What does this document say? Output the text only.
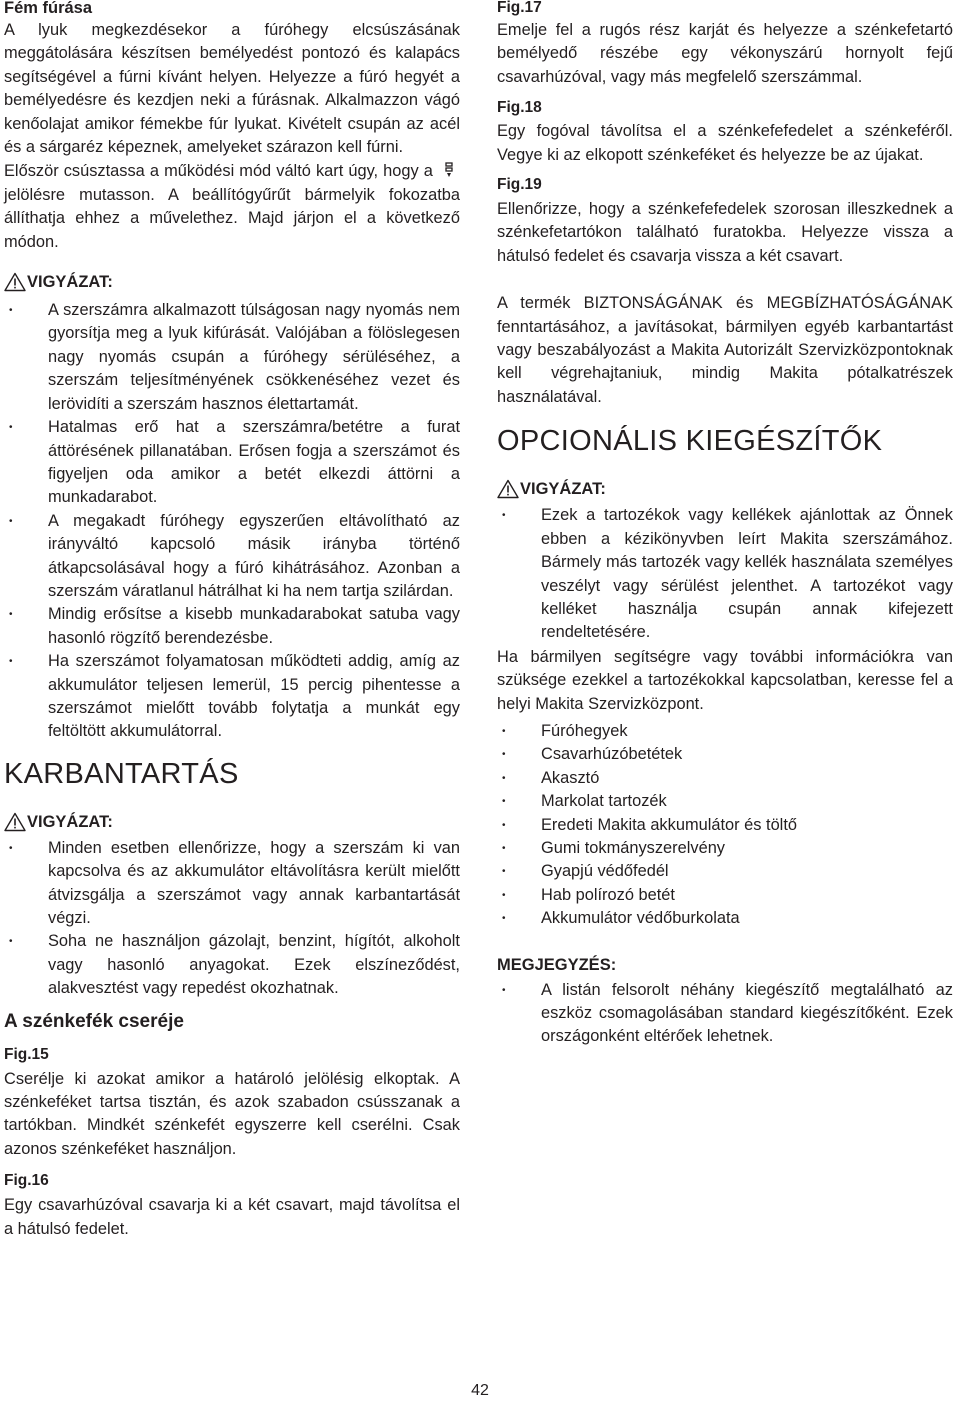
Fém fúrása

A lyuk megkezdésekor a fúróhegy elcsúszásának meggátolására készítsen bemélyedést pontozó és kalapács segítségével a fúrni kívánt helyen. Helyezze a fúró hegyét a bemélyedésre és kezdjen neki a fúrásnak. Alkalmazzon vágó kenőolajat amikor fémekbe fúr lyukat. Kivételt csupán az acél és a sárgaréz képeznek, amelyeket szárazon kell fúrni.

Először csúsztassa a működési mód váltó kart úgy, hogy a  jelölésre mutasson. A beállítógyűrűt bármelyik fokozatba állíthatja ehhez a művelethez. Majd járjon el a következő módon.

VIGYÁZAT:
• A szerszámra alkalmazott túlságosan nagy nyomás nem gyorsítja meg a lyuk kifúrását. Valójában a fölöslegesen nagy nyomás csupán a fúróhegy sérüléséhez, a szerszám teljesítményének csökkenéséhez vezet és lerövidíti a szerszám hasznos élettartamát.
• Hatalmas erő hat a szerszámra/betétre a furat áttörésének pillanatában. Erősen fogja a szerszámot és figyeljen oda amikor a betét elkezdi áttörni a munkadarabot.
• A megakadt fúróhegy egyszerűen eltávolítható az irányváltó kapcsoló másik irányba történő átkapcsolásával hogy a fúró kihátrásához. Azonban a szerszám váratlanul hátrálhat ki ha nem tartja szilárdan.
• Mindig erősítse a kisebb munkadarabokat satuba vagy hasonló rögzítő berendezésbe.
• Ha szerszámot folyamatosan működteti addig, amíg az akkumulátor teljesen lemerül, 15 percig pihentesse a szerszámot mielőtt tovább folytatja a munkát egy feltöltött akkumulátorral.
KARBANTARTÁS
VIGYÁZAT:
• Minden esetben ellenőrizze, hogy a szerszám ki van kapcsolva és az akkumulátor eltávolításra került mielőtt átvizsgálja a szerszámot vagy annak karbantartását végzi.
• Soha ne használjon gázolajt, benzint, hígítót, alkoholt vagy hasonló anyagokat. Ezek elszíneződést, alakvesztést vagy repedést okozhatnak.
A szénkefék cseréje
Fig.15

Cserélje ki azokat amikor a határoló jelölésig elkoptak. A szénkeféket tartsa tisztán, és azok szabadon csússzanak a tartókban. Mindkét szénkefét egyszerre kell cserélni. Csak azonos szénkeféket használjon.

Fig.16

Egy csavarhúzóval csavarja ki a két csavart, majd távolítsa el a hátulsó fedelet.

Fig.17

Emelje fel a rugós rész karját és helyezze a szénkefetartó bemélyedő részébe egy vékonyszárú hornyolt fejű csavarhúzóval, vagy más megfelelő szerszámmal.

Fig.18

Egy fogóval távolítsa el a szénkefefedelet a szénkeféről. Vegye ki az elkopott szénkeféket és helyezze be az újakat.

Fig.19

Ellenőrizze, hogy a szénkefefedelek szorosan illeszkednek a szénkefetartókon található furatokba. Helyezze vissza a hátulsó fedelet és csavarja vissza a két csavart.

A termék BIZTONSÁGÁNAK és MEGBÍZHATÓSÁGÁNAK fenntartásához, a javításokat, bármilyen egyéb karbantartást vagy beszabályozást a Makita Autorizált Szervizközpontoknak kell végrehajtaniuk, mindig Makita pótalkatrészek használatával.

OPCIONÁLIS KIEGÉSZÍTŐK
VIGYÁZAT:
• Ezek a tartozékok vagy kellékek ajánlottak az Önnek ebben a kézikönyvben leírt Makita szerszámához. Bármely más tartozék vagy kellék használata személyes veszélyt vagy sérülést jelenthet. A tartozékot vagy kelléket használja csupán annak kifejezett rendeltetésére.

Ha bármilyen segítségre vagy további információkra van szüksége ezekkel a tartozékokkal kapcsolatban, keresse fel a helyi Makita Szervizközpont.

• Fúróhegyek
• Csavarhúzóbetétek
• Akasztó
• Markolat tartozék
• Eredeti Makita akkumulátor és töltő
• Gumi tokmányszerelvény
• Gyapjú védőfedél
• Hab polírozó betét
• Akkumulátor védőburkolata
MEGJEGYZÉS:
• A listán felsorolt néhány kiegészítő megtalálható az eszköz csomagolásában standard kiegészítőként. Ezek országonként eltérőek lehetnek.
42
